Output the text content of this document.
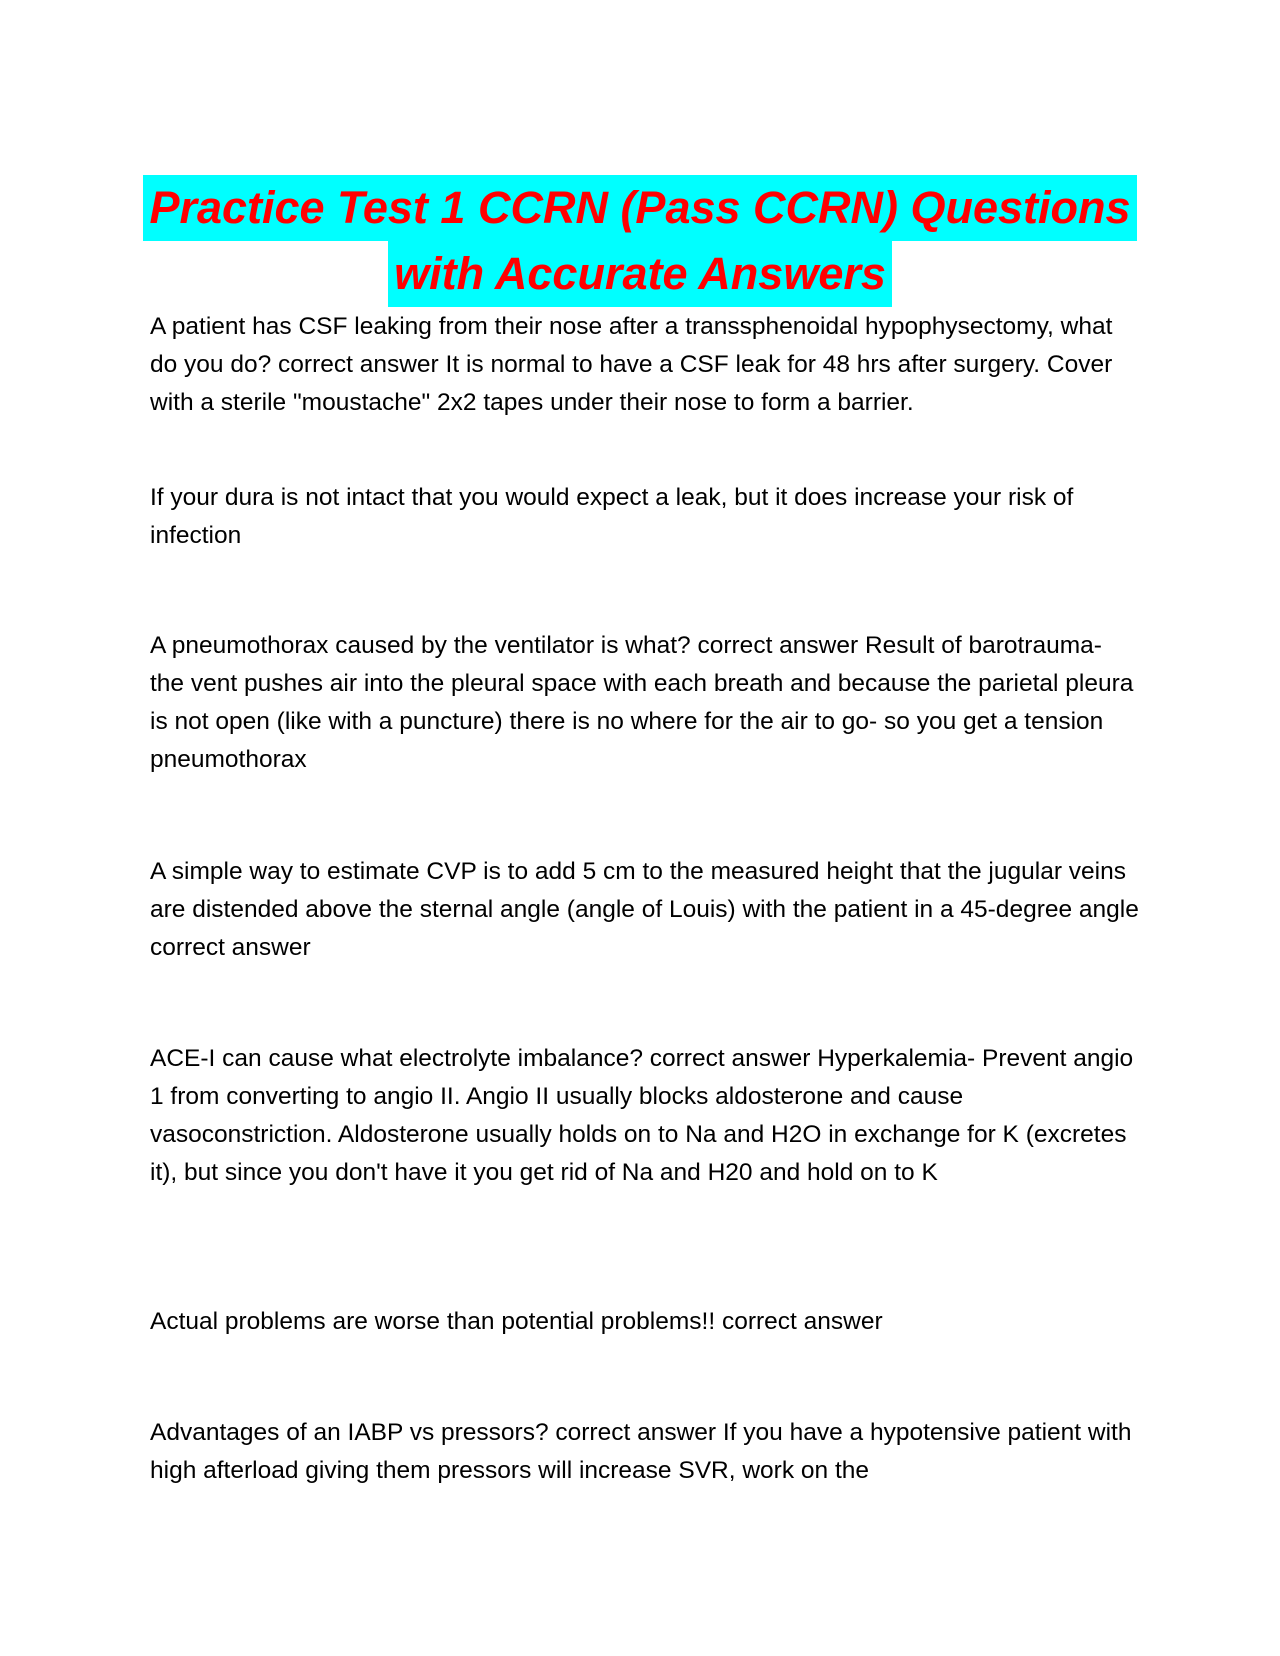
Practice Test 1 CCRN (Pass CCRN) Questions
with Accurate Answers

A patient has CSF leaking from their nose after a transsphenoidal hypophysectomy, what do you do? correct answer It is normal to have a CSF leak for 48 hrs after surgery. Cover with a sterile "moustache" 2x2 tapes under their nose to form a barrier.

If your dura is not intact that you would expect a leak, but it does increase your risk of infection

A pneumothorax caused by the ventilator is what? correct answer Result of barotrauma- the vent pushes air into the pleural space with each breath and because the parietal pleura is not open (like with a puncture) there is no where for the air to go- so you get a tension pneumothorax

A simple way to estimate CVP is to add 5 cm to the measured height that the jugular veins are distended above the sternal angle (angle of Louis) with the patient in a 45-degree angle correct answer

ACE-I can cause what electrolyte imbalance? correct answer Hyperkalemia- Prevent angio 1 from converting to angio II. Angio II usually blocks aldosterone and cause vasoconstriction. Aldosterone usually holds on to Na and H2O in exchange for K (excretes it), but since you don't have it you get rid of Na and H20 and hold on to K

Actual problems are worse than potential problems!! correct answer

Advantages of an IABP vs pressors? correct answer If you have a hypotensive patient with high afterload giving them pressors will increase SVR, work on the
